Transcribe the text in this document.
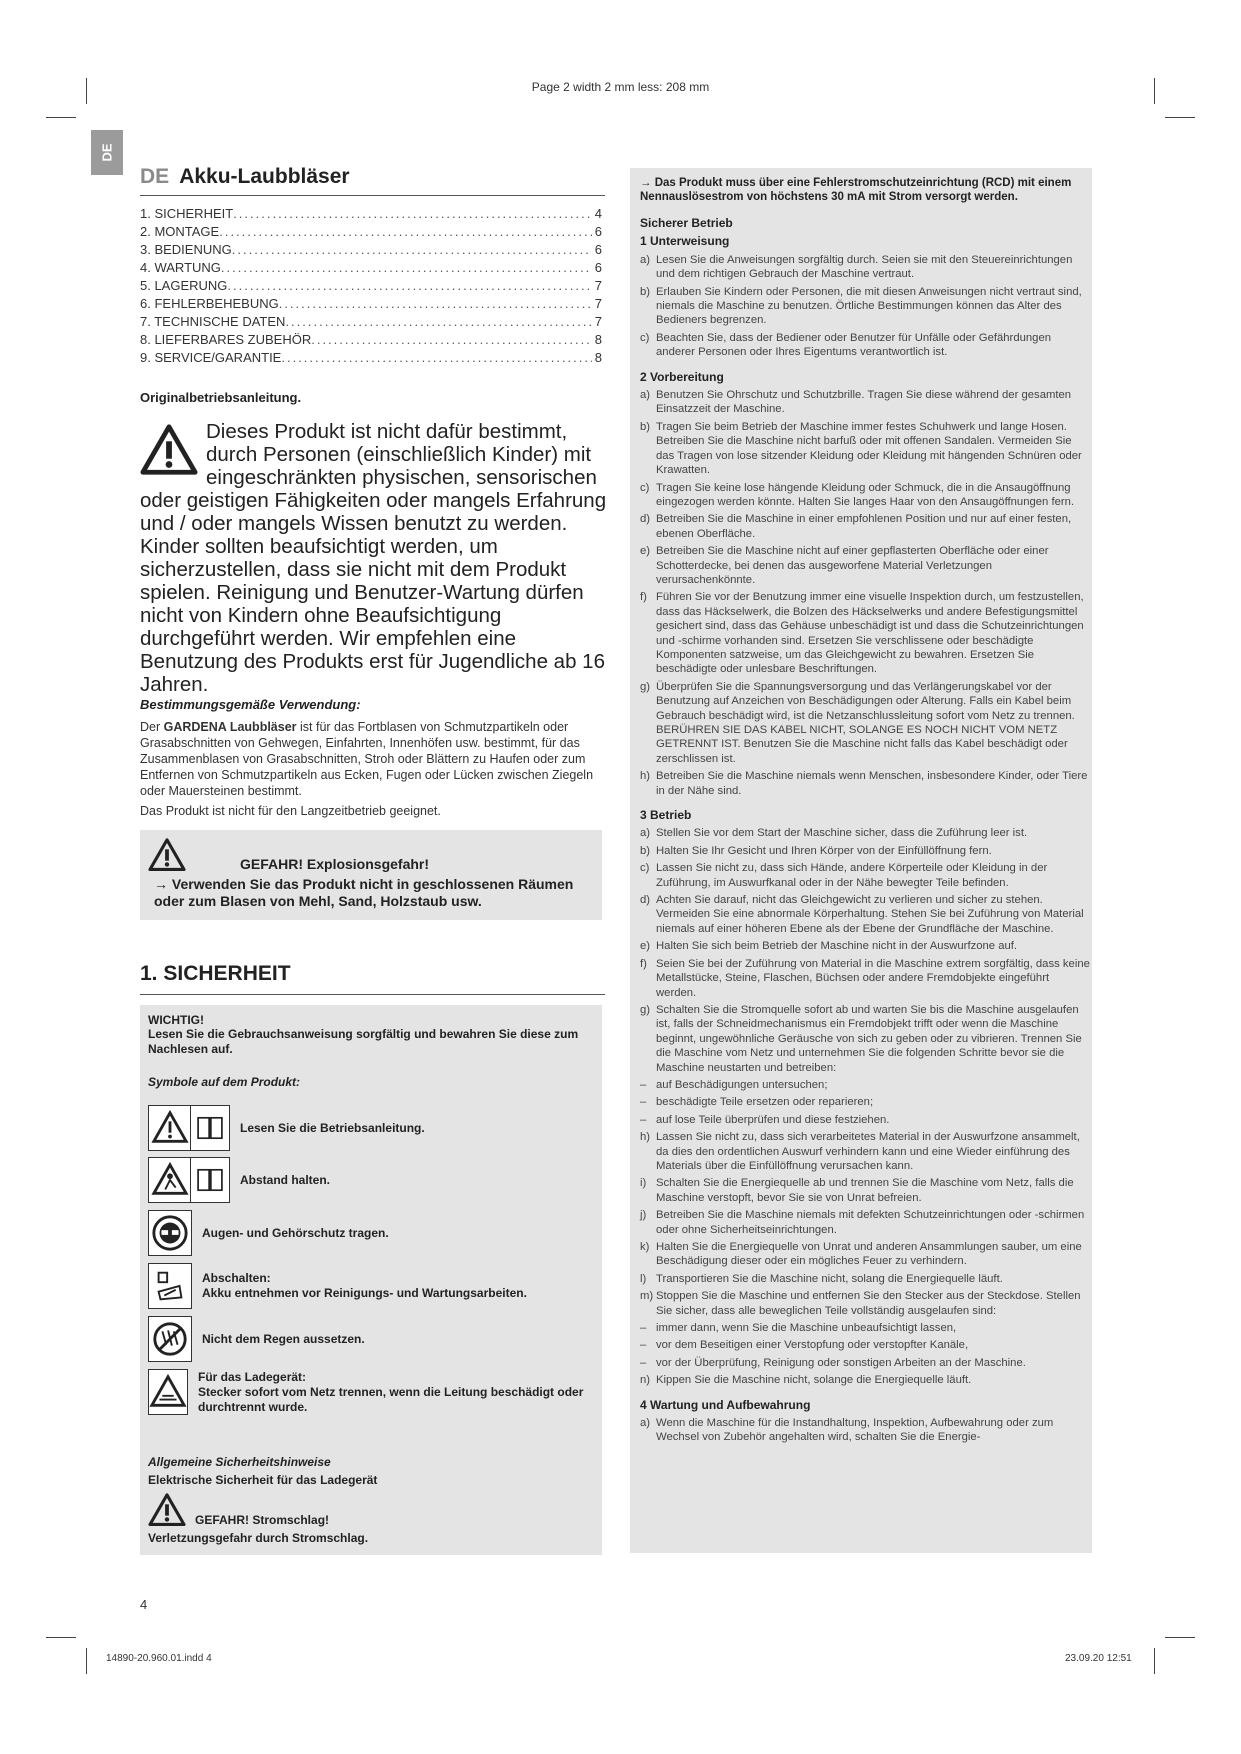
Page 2 width 2 mm less: 208 mm
DE
DE Akku-Laubbläser
1. SICHERHEIT .....	4
2. MONTAGE .....	6
3. BEDIENUNG .....	6
4. WARTUNG .....	6
5. LAGERUNG .....	7
6. FEHLERBEHEBUNG .....	7
7. TECHNISCHE DATEN .....	7
8. LIEFERBARES ZUBEHÖR .....	8
9. SERVICE/GARANTIE .....	8
Originalbetriebsanleitung.
Dieses Produkt ist nicht dafür bestimmt, durch Personen (einschließlich Kinder) mit eingeschränkten physischen, sensorischen oder geistigen Fähigkeiten oder mangels Erfahrung und / oder mangels Wissen benutzt zu werden. Kinder sollten beaufsichtigt werden, um sicherzustellen, dass sie nicht mit dem Produkt spielen. Reinigung und Benutzer-Wartung dürfen nicht von Kindern ohne Beaufsichtigung durchgeführt werden. Wir empfehlen eine Benutzung des Produkts erst für Jugendliche ab 16 Jahren.
Bestimmungsgemäße Verwendung:
Der GARDENA Laubbläser ist für das Fortblasen von Schmutzpartikeln oder Grasabschnitten von Gehwegen, Einfahrten, Innenhöfen usw. bestimmt, für das Zusammenblasen von Grasabschnitten, Stroh oder Blättern zu Haufen oder zum Entfernen von Schmutzpartikeln aus Ecken, Fugen oder Lücken zwischen Ziegeln oder Mauersteinen bestimmt.
Das Produkt ist nicht für den Langzeitbetrieb geeignet.
GEFAHR! Explosionsgefahr!
→ Verwenden Sie das Produkt nicht in geschlossenen Räumen oder zum Blasen von Mehl, Sand, Holzstaub usw.
1. SICHERHEIT
WICHTIG!
Lesen Sie die Gebrauchsanweisung sorgfältig und bewahren Sie diese zum Nachlesen auf.
Symbole auf dem Produkt:
Lesen Sie die Betriebsanleitung.
Abstand halten.
Augen- und Gehörschutz tragen.
Abschalten:
Akku entnehmen vor Reinigungs- und Wartungsarbeiten.
Nicht dem Regen aussetzen.
Für das Ladegerät:
Stecker sofort vom Netz trennen, wenn die Leitung beschädigt oder durchtrennt wurde.
Allgemeine Sicherheitshinweise
Elektrische Sicherheit für das Ladegerät
GEFAHR! Stromschlag!
Verletzungsgefahr durch Stromschlag.
→ Das Produkt muss über eine Fehlerstromschutzeinrichtung (RCD) mit einem Nennauslösestrom von höchstens 30 mA mit Strom versorgt werden.
Sicherer Betrieb
1 Unterweisung
a) Lesen Sie die Anweisungen sorgfältig durch. Seien sie mit den Steuereinrichtungen und dem richtigen Gebrauch der Maschine vertraut.
b) Erlauben Sie Kindern oder Personen, die mit diesen Anweisungen nicht vertraut sind, niemals die Maschine zu benutzen. Örtliche Bestimmungen können das Alter des Bedieners begrenzen.
c) Beachten Sie, dass der Bediener oder Benutzer für Unfälle oder Gefährdungen anderer Personen oder Ihres Eigentums verantwortlich ist.
2 Vorbereitung
a) Benutzen Sie Ohrschutz und Schutzbrille. Tragen Sie diese während der gesamten Einsatzzeit der Maschine.
b) Tragen Sie beim Betrieb der Maschine immer festes Schuhwerk und lange Hosen. Betreiben Sie die Maschine nicht barfuß oder mit offenen Sandalen. Vermeiden Sie das Tragen von lose sitzender Kleidung oder Kleidung mit hängenden Schnüren oder Krawatten.
c) Tragen Sie keine lose hängende Kleidung oder Schmuck, die in die Ansaugöffnung eingezogen werden könnte. Halten Sie langes Haar von den Ansaugöffnungen fern.
d) Betreiben Sie die Maschine in einer empfohlenen Position und nur auf einer festen, ebenen Oberfläche.
e) Betreiben Sie die Maschine nicht auf einer gepflasterten Oberfläche oder einer Schotterdecke, bei denen das ausgeworfene Material Verletzungen verursachenkönnte.
f) Führen Sie vor der Benutzung immer eine visuelle Inspektion durch, um festzustellen, dass das Häckselwerk, die Bolzen des Häckselwerks und andere Befestigungsmittel gesichert sind, dass das Gehäuse unbeschädigt ist und dass die Schutzeinrichtungen und -schirme vorhanden sind. Ersetzen Sie verschlissene oder beschädigte Komponenten satzweise, um das Gleichgewicht zu bewahren. Ersetzen Sie beschädigte oder unlesbare Beschriftungen.
g) Überprüfen Sie die Spannungsversorgung und das Verlängerungskabel vor der Benutzung auf Anzeichen von Beschädigungen oder Alterung. Falls ein Kabel beim Gebrauch beschädigt wird, ist die Netzanschlussleitung sofort vom Netz zu trennen. BERÜHREN SIE DAS KABEL NICHT, SOLANGE ES NOCH NICHT VOM NETZ GETRENNT IST. Benutzen Sie die Maschine nicht falls das Kabel beschädigt oder zerschlissen ist.
h) Betreiben Sie die Maschine niemals wenn Menschen, insbesondere Kinder, oder Tiere in der Nähe sind.
3 Betrieb
a) Stellen Sie vor dem Start der Maschine sicher, dass die Zuführung leer ist.
b) Halten Sie Ihr Gesicht und Ihren Körper von der Einfüllöffnung fern.
c) Lassen Sie nicht zu, dass sich Hände, andere Körperteile oder Kleidung in der Zuführung, im Auswurfkanal oder in der Nähe bewegter Teile befinden.
d) Achten Sie darauf, nicht das Gleichgewicht zu verlieren und sicher zu stehen. Vermeiden Sie eine abnormale Körperhaltung. Stehen Sie bei Zuführung von Material niemals auf einer höheren Ebene als der Ebene der Grundfläche der Maschine.
e) Halten Sie sich beim Betrieb der Maschine nicht in der Auswurfzone auf.
f) Seien Sie bei der Zuführung von Material in die Maschine extrem sorgfältig, dass keine Metallstücke, Steine, Flaschen, Büchsen oder andere Fremdobjekte eingeführt werden.
g) Schalten Sie die Stromquelle sofort ab und warten Sie bis die Maschine ausgelaufen ist, falls der Schneidmechanismus ein Fremdobjekt trifft oder wenn die Maschine beginnt, ungewöhnliche Geräusche von sich zu geben oder zu vibrieren. Trennen Sie die Maschine vom Netz und unternehmen Sie die folgenden Schritte bevor sie die Maschine neustarten und betreiben:
– auf Beschädigungen untersuchen;
– beschädigte Teile ersetzen oder reparieren;
– auf lose Teile überprüfen und diese festziehen.
h) Lassen Sie nicht zu, dass sich verarbeitetes Material in der Auswurfzone ansammelt, da dies den ordentlichen Auswurf verhindern kann und eine Wieder einführung des Materials über die Einfüllöffnung verursachen kann.
i) Schalten Sie die Energiequelle ab und trennen Sie die Maschine vom Netz, falls die Maschine verstopft, bevor Sie sie von Unrat befreien.
j) Betreiben Sie die Maschine niemals mit defekten Schutzeinrichtungen oder -schirmen oder ohne Sicherheitseinrichtungen.
k) Halten Sie die Energiequelle von Unrat und anderen Ansammlungen sauber, um eine Beschädigung dieser oder ein mögliches Feuer zu verhindern.
l) Transportieren Sie die Maschine nicht, solang die Energiequelle läuft.
m) Stoppen Sie die Maschine und entfernen Sie den Stecker aus der Steckdose. Stellen Sie sicher, dass alle beweglichen Teile vollständig ausgelaufen sind:
– immer dann, wenn Sie die Maschine unbeaufsichtigt lassen,
– vor dem Beseitigen einer Verstopfung oder verstopfter Kanäle,
– vor der Überprüfung, Reinigung oder sonstigen Arbeiten an der Maschine.
n) Kippen Sie die Maschine nicht, solange die Energiequelle läuft.
4 Wartung und Aufbewahrung
a) Wenn die Maschine für die Instandhaltung, Inspektion, Aufbewahrung oder zum Wechsel von Zubehör angehalten wird, schalten Sie die Energie-
4
14890-20.960.01.indd 4	23.09.20 12:51
